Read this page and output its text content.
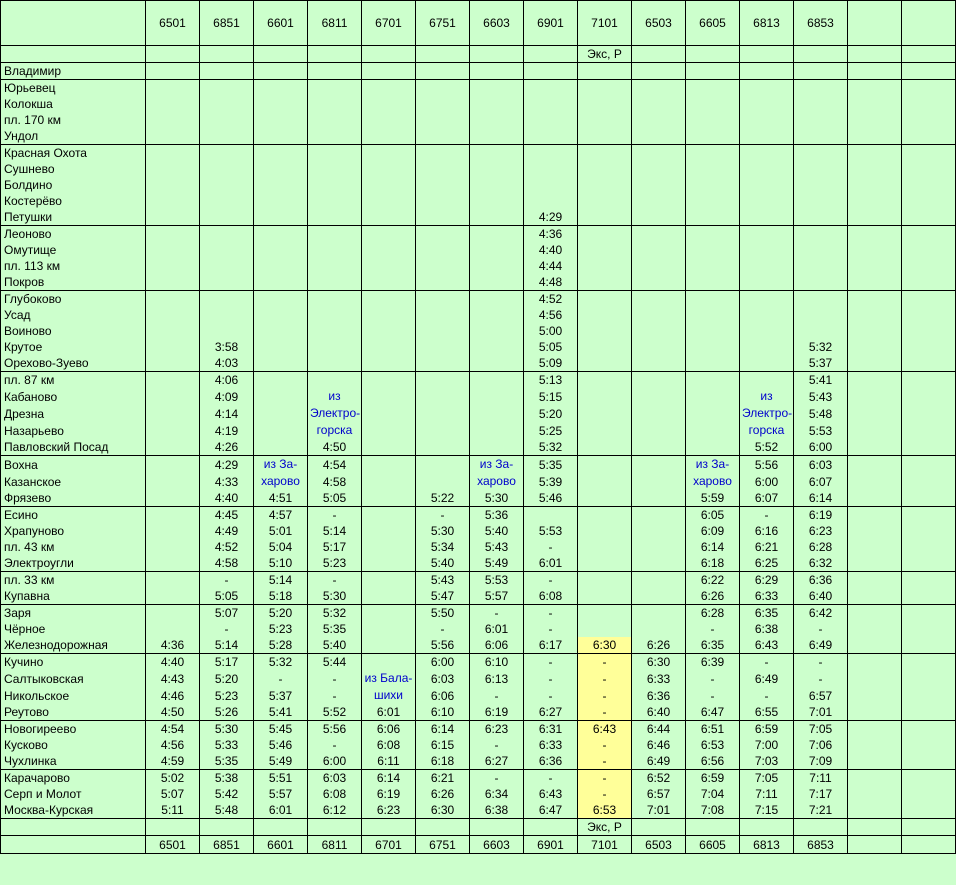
	6501	6851	6601	6811	6701	6751	6603	6901	7101	6503	6605	6813	6853		
									Экс, Р						
Владимир															
Юрьевец															
Колокша															
пл. 170 км															
Ундол															
Красная Охота															
Сушнево															
Болдино															
Костерёво															
Петушки								4:29							
Леоново								4:36							
Омутище								4:40							
пл. 113 км								4:44							
Покров								4:48							
Глубоково								4:52							
Усад								4:56							
Воиново								5:00							
Крутое		3:58						5:05					5:32		
Орехово-Зуево		4:03						5:09					5:37		
пл. 87 км		4:06						5:13					5:41		
Кабаново		4:09		из				5:15				из	5:43		
Дрезна		4:14		Электро-				5:20				Электро-	5:48		
Назарьево		4:19		горска				5:25				горска	5:53		
Павловский Посад		4:26		4:50				5:32				5:52	6:00		
Вохна		4:29	из За-	4:54			из За-	5:35			из За-	5:56	6:03		
Казанское		4:33	харово	4:58			харово	5:39			харово	6:00	6:07		
Фрязево		4:40	4:51	5:05		5:22	5:30	5:46			5:59	6:07	6:14		
Есино		4:45	4:57	-		-	5:36				6:05	-	6:19		
Храпуново		4:49	5:01	5:14		5:30	5:40	5:53			6:09	6:16	6:23		
пл. 43 км		4:52	5:04	5:17		5:34	5:43	-			6:14	6:21	6:28		
Электроугли		4:58	5:10	5:23		5:40	5:49	6:01			6:18	6:25	6:32		
пл. 33 км		-	5:14	-		5:43	5:53	-			6:22	6:29	6:36		
Купавна		5:05	5:18	5:30		5:47	5:57	6:08			6:26	6:33	6:40		
Заря		5:07	5:20	5:32		5:50	-	-			6:28	6:35	6:42		
Чёрное		-	5:23	5:35		-	6:01	-			-	6:38	-		
Железнодорожная	4:36	5:14	5:28	5:40		5:56	6:06	6:17	6:30	6:26	6:35	6:43	6:49		
Кучино	4:40	5:17	5:32	5:44		6:00	6:10	-	-	6:30	6:39	-	-		
Салтыковская	4:43	5:20	-	-	из Бала-	6:03	6:13	-	-	6:33	-	6:49	-		
Никольское	4:46	5:23	5:37	-	шихи	6:06	-	-	-	6:36	-	-	6:57		
Реутово	4:50	5:26	5:41	5:52	6:01	6:10	6:19	6:27	-	6:40	6:47	6:55	7:01		
Новогиреево	4:54	5:30	5:45	5:56	6:06	6:14	6:23	6:31	6:43	6:44	6:51	6:59	7:05		
Кусково	4:56	5:33	5:46	-	6:08	6:15	-	6:33	-	6:46	6:53	7:00	7:06		
Чухлинка	4:59	5:35	5:49	6:00	6:11	6:18	6:27	6:36	-	6:49	6:56	7:03	7:09		
Карачарово	5:02	5:38	5:51	6:03	6:14	6:21	-	-	-	6:52	6:59	7:05	7:11		
Серп и Молот	5:07	5:42	5:57	6:08	6:19	6:26	6:34	6:43	-	6:57	7:04	7:11	7:17		
Москва-Курская	5:11	5:48	6:01	6:12	6:23	6:30	6:38	6:47	6:53	7:01	7:08	7:15	7:21		
									Экс, Р						
	6501	6851	6601	6811	6701	6751	6603	6901	7101	6503	6605	6813	6853		
